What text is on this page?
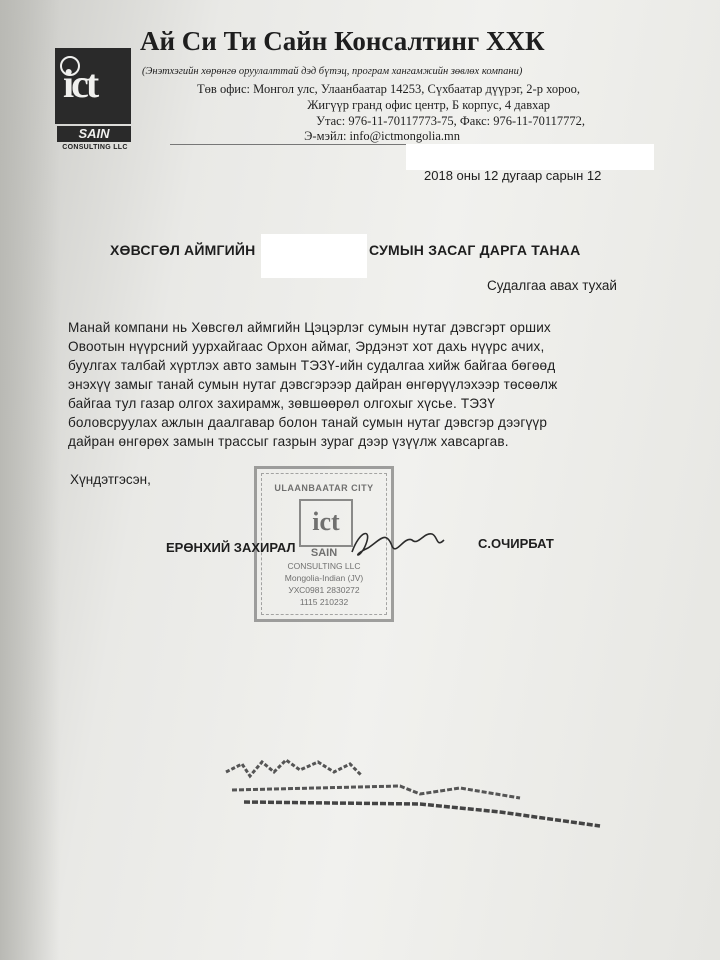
ict
SAIN
CONSULTING LLC
Ай Си Ти Сайн Консалтинг ХХК
(Энэтхэгийн хөрөнгө оруулалттай дэд бүтэц, програм хангамжийн зөвлөх компани)
Төв офис: Монгол улс, Улаанбаатар 14253, Сүхбаатар дүүрэг, 2-р хороо,
Жигүүр гранд офис центр, Б корпус, 4 давхар
Утас: 976-11-70117773-75, Факс: 976-11-70117772,
Э-мэйл: info@ictmongolia.mn
2018 оны 12 дугаар сарын 12
ХӨВСГӨЛ АЙМГИЙН	СУМЫН ЗАСАГ ДАРГА ТАНАА
Судалгаа авах тухай
Манай компани нь Хөвсгөл аймгийн Цэцэрлэг сумын нутаг дэвсгэрт орших
Овоотын нүүрсний уурхайгаас Орхон аймаг, Эрдэнэт хот дахь нүүрс ачих,
буулгах талбай хүртлэх авто замын ТЭЗҮ-ийн судалгаа хийж байгаа бөгөөд
энэхүү замыг танай сумын нутаг дэвсгэрээр дайран өнгөрүүлэхээр төсөөлж
байгаа тул газар олгох захирамж, зөвшөөрөл олгохыг хүсье. ТЭЗҮ
боловсруулах ажлын даалгавар болон танай сумын нутаг дэвсгэр дээгүүр
дайран өнгөрөх замын трассыг газрын зураг дээр үзүүлж хавсаргав.
Хүндэтгэсэн,
ULAANBAATAR CITY
ict
SAIN
CONSULTING LLC
Mongolia-Indian (JV)
УХС0981 2830272
1115 210232
ЕРӨНХИЙ ЗАХИРАЛ	С.ОЧИРБАТ
